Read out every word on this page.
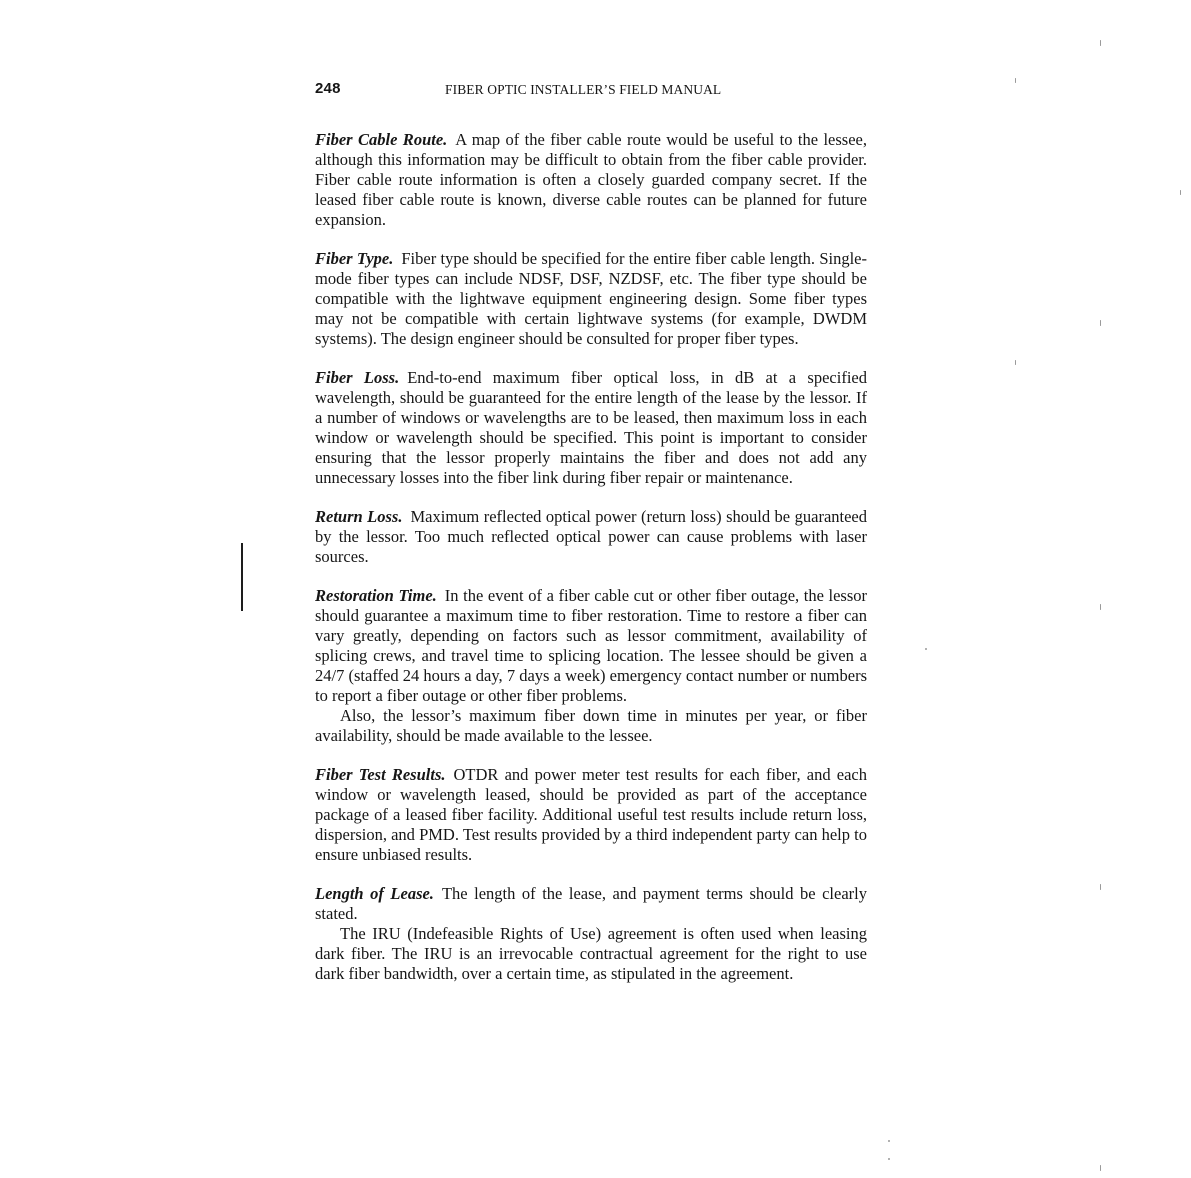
248	FIBER OPTIC INSTALLER’S FIELD MANUAL

Fiber Cable Route. A map of the fiber cable route would be useful to the lessee, although this information may be difficult to obtain from the fiber cable provider. Fiber cable route information is often a closely guarded company secret. If the leased fiber cable route is known, diverse cable routes can be planned for future expansion.

Fiber Type. Fiber type should be specified for the entire fiber cable length. Single-mode fiber types can include NDSF, DSF, NZDSF, etc. The fiber type should be compatible with the lightwave equipment engineering design. Some fiber types may not be compatible with certain lightwave systems (for example, DWDM systems). The design engineer should be consulted for proper fiber types.

Fiber Loss. End-to-end maximum fiber optical loss, in dB at a specified wavelength, should be guaranteed for the entire length of the lease by the lessor. If a number of windows or wavelengths are to be leased, then maximum loss in each window or wavelength should be specified. This point is important to consider ensuring that the lessor properly maintains the fiber and does not add any unnecessary losses into the fiber link during fiber repair or maintenance.

Return Loss. Maximum reflected optical power (return loss) should be guaranteed by the lessor. Too much reflected optical power can cause problems with laser sources.

Restoration Time. In the event of a fiber cable cut or other fiber outage, the lessor should guarantee a maximum time to fiber restoration. Time to restore a fiber can vary greatly, depending on factors such as lessor commitment, availability of splicing crews, and travel time to splicing location. The lessee should be given a 24/7 (staffed 24 hours a day, 7 days a week) emergency contact number or numbers to report a fiber outage or other fiber problems.

Also, the lessor’s maximum fiber down time in minutes per year, or fiber availability, should be made available to the lessee.

Fiber Test Results. OTDR and power meter test results for each fiber, and each window or wavelength leased, should be provided as part of the acceptance package of a leased fiber facility. Additional useful test results include return loss, dispersion, and PMD. Test results provided by a third independent party can help to ensure unbiased results.

Length of Lease. The length of the lease, and payment terms should be clearly stated.

The IRU (Indefeasible Rights of Use) agreement is often used when leasing dark fiber. The IRU is an irrevocable contractual agreement for the right to use dark fiber bandwidth, over a certain time, as stipulated in the agreement.
